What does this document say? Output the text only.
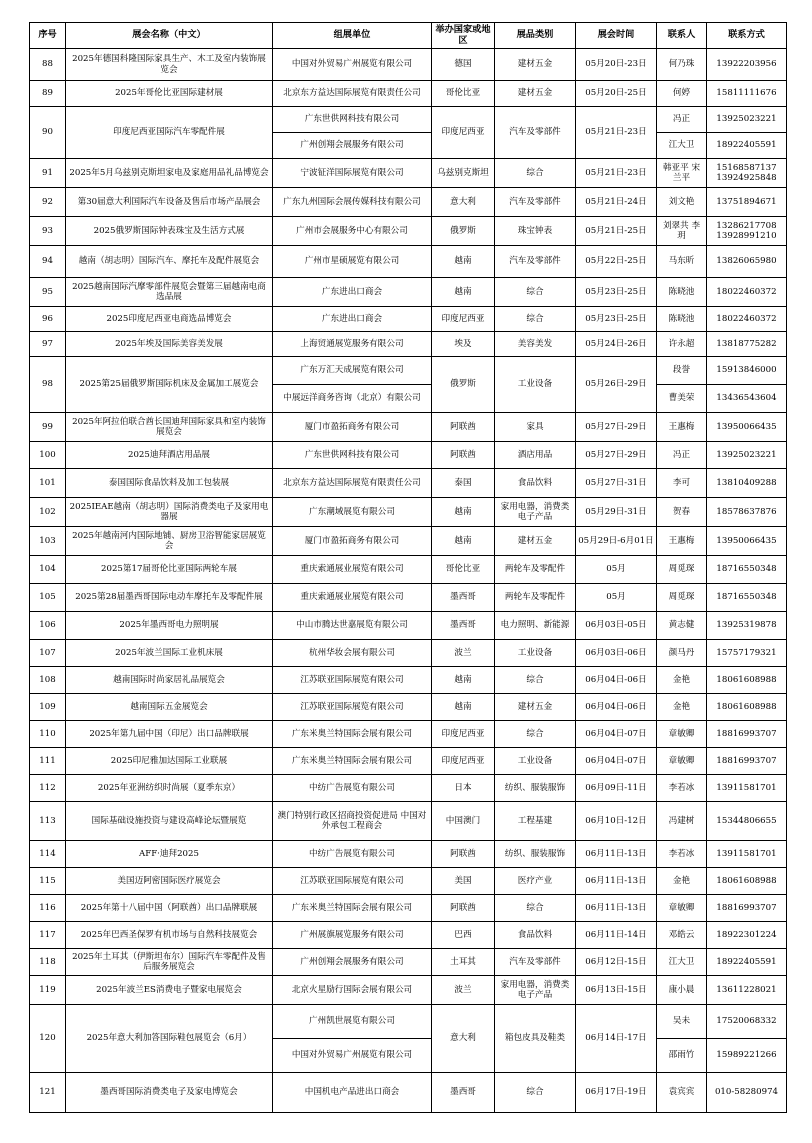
序号	展会名称（中文）	组展单位	举办国家或地区	展品类别	展会时间	联系人	联系方式
88	2025年德国科隆国际家具生产、木工及室内装饰展览会	中国对外贸易广州展览有限公司	德国	建材五金	05月20日-23日	何乃珠	13922203956
89	2025年哥伦比亚国际建材展	北京东方益达国际展览有限责任公司	哥伦比亚	建材五金	05月20日-25日	何婷	15811111676
90	印度尼西亚国际汽车零配件展	广东世供网科技有限公司	印度尼西亚	汽车及零部件	05月21日-23日	冯正	13925023221
		广州创翔会展服务有限公司				江大卫	18922405591
91	2025年5月乌兹别克斯坦家电及家庭用品礼品博览会	宁波钲洋国际展览有限公司	乌兹别克斯坦	综合	05月21日-23日	韩亚平 宋兰平	15168587137 13924925848
92	第30届意大利国际汽车设备及售后市场产品展会	广东九州国际会展传媒科技有限公司	意大利	汽车及零部件	05月21日-24日	刘文艳	13751894671
93	2025俄罗斯国际钟表珠宝及生活方式展	广州市会展服务中心有限公司	俄罗斯	珠宝钟表	05月21日-25日	刘翠共 李 玥	13286217708 13928991210
94	越南（胡志明）国际汽车、摩托车及配件展览会	广州市星硕展览有限公司	越南	汽车及零部件	05月22日-25日	马东昕	13826065980
95	2025越南国际汽摩零部件展览会暨第三届越南电商选品展	广东进出口商会	越南	综合	05月23日-25日	陈晓池	18022460372
96	2025印度尼西亚电商选品博览会	广东进出口商会	印度尼西亚	综合	05月23日-25日	陈晓池	18022460372
97	2025年埃及国际美容美发展	上海贸通展览服务有限公司	埃及	美容美发	05月24日-26日	许永超	13818775282
98	2025第25届俄罗斯国际机床及金属加工展览会	广东万汇天成展览有限公司	俄罗斯	工业设备	05月26日-29日	段誉	15913846000
		中展远洋商务咨询（北京）有限公司				曹美荣	13436543604
99	2025年阿拉伯联合酋长国迪拜国际家具和室内装饰展览会	厦门市盈拓商务有限公司	阿联酋	家具	05月27日-29日	王惠梅	13950066435
100	2025迪拜酒店用品展	广东世供网科技有限公司	阿联酋	酒店用品	05月27日-29日	冯正	13925023221
101	泰国国际食品饮料及加工包装展	北京东方益达国际展览有限责任公司	泰国	食品饮料	05月27日-31日	李可	13810409288
102	2025IEAE越南（胡志明）国际消费类电子及家用电器展	广东潮域展览有限公司	越南	家用电器，消费类电子产品	05月29日-31日	贺春	18578637876
103	2025年越南河内国际地铺、厨房卫浴智能家居展览会	厦门市盈拓商务有限公司	越南	建材五金	05月29日-6月01日	王惠梅	13950066435
104	2025第17届哥伦比亚国际两轮车展	重庆索通展业展览有限公司	哥伦比亚	两轮车及零配件	05月	周觅琛	18716550348
105	2025第28届墨西哥国际电动车摩托车及零配件展	重庆索通展业展览有限公司	墨西哥	两轮车及零配件	05月	周觅琛	18716550348
106	2025年墨西哥电力照明展	中山市腾达世嘉展览有限公司	墨西哥	电力照明、新能源	06月03日-05日	黄志健	13925319878
107	2025年波兰国际工业机床展	杭州华妆会展有限公司	波兰	工业设备	06月03日-06日	颜马丹	15757179321
108	越南国际时尚家居礼品展览会	江苏联亚国际展览有限公司	越南	综合	06月04日-06日	金艳	18061608988
109	越南国际五金展览会	江苏联亚国际展览有限公司	越南	建材五金	06月04日-06日	金艳	18061608988
110	2025年第九届中国（印尼）出口品牌联展	广东米奥兰特国际会展有限公司	印度尼西亚	综合	06月04日-07日	章敏卿	18816993707
111	2025印尼雅加达国际工业联展	广东米奥兰特国际会展有限公司	印度尼西亚	工业设备	06月04日-07日	章敏卿	18816993707
112	2025年亚洲纺织时尚展（夏季东京）	中纺广告展览有限公司	日本	纺织、服装服饰	06月09日-11日	李若冰	13911581701
113	国际基础设施投资与建设高峰论坛暨展览	澳门特别行政区招商投资促进局 中国对外承包工程商会	中国澳门	工程基建	06月10日-12日	冯建树	15344806655
114	AFF·迪拜2025	中纺广告展览有限公司	阿联酋	纺织、服装服饰	06月11日-13日	李若冰	13911581701
115	美国迈阿密国际医疗展览会	江苏联亚国际展览有限公司	美国	医疗产业	06月11日-13日	金艳	18061608988
116	2025年第十八届中国（阿联酋）出口品牌联展	广东米奥兰特国际会展有限公司	阿联酋	综合	06月11日-13日	章敏卿	18816993707
117	2025年巴西圣保罗有机市场与自然科技展览会	广州展旗展览服务有限公司	巴西	食品饮料	06月11日-14日	邓皓云	18922301224
118	2025年土耳其（伊斯坦布尔）国际汽车零配件及售后服务展览会	广州创翔会展服务有限公司	土耳其	汽车及零部件	06月12日-15日	江大卫	18922405591
119	2025年波兰ES消费电子暨家电展览会	北京火星励行国际会展有限公司	波兰	家用电器，消费类电子产品	06月13日-15日	康小晨	13611228021
120	2025年意大利加答国际鞋包展览会（6月）	广州凯世展览有限公司	意大利	箱包皮具及鞋类	06月14日-17日	吴未	17520068332
		中国对外贸易广州展览有限公司				邵雨竹	15989221266
121	墨西哥国际消费类电子及家电博览会	中国机电产品进出口商会	墨西哥	综合	06月17日-19日	袁宾宾	010-58280974
